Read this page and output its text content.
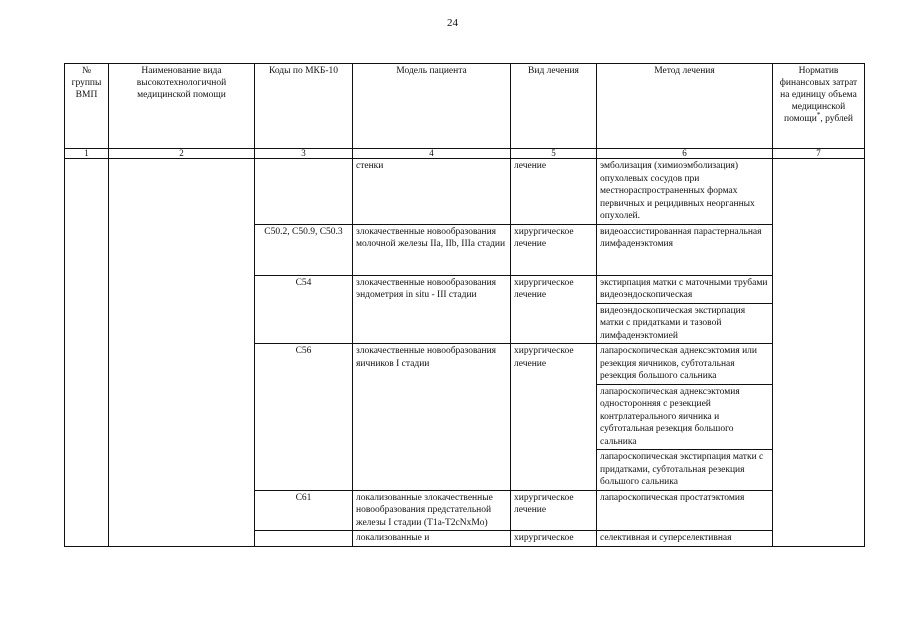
24
№ группы ВМП	Наименование вида высокотехнологичной медицинской помощи	Коды по МКБ-10	Модель пациента	Вид лечения	Метод лечения	Норматив финансовых затрат на единицу объема медицинской помощи*, рублей
1	2	3	4	5	6	7
			стенки	лечение	эмболизация (химиоэмболизация) опухолевых сосудов при местнораспространенных формах первичных и рецидивных неорганных опухолей.	
		C50.2, C50.9, C50.3	злокачественные новообразования молочной железы IIa, IIb, IIIa стадии	хирургическое лечение	видеоассистированная парастернальная лимфаденэктомия	
		C54	злокачественные новообразования эндометрия in situ - III стадии	хирургическое лечение	экстирпация матки с маточными трубами видеоэндоскопическая	
					видеоэндоскопическая экстирпация матки с придатками и тазовой лимфаденэктомией	
		C56	злокачественные новообразования яичников I стадии	хирургическое лечение	лапароскопическая аднексэктомия или резекция яичников, субтотальная резекция большого сальника	
					лапароскопическая аднексэктомия односторонняя с резекцией контрлатерального яичника и субтотальная резекция большого сальника	
					лапароскопическая экстирпация матки с придатками, субтотальная резекция большого сальника	
		C61	локализованные злокачественные новообразования предстательной железы I стадии (T1a-T2cNxMo)	хирургическое лечение	лапароскопическая простатэктомия	
			локализованные и	хирургическое	селективная и суперселективная	
